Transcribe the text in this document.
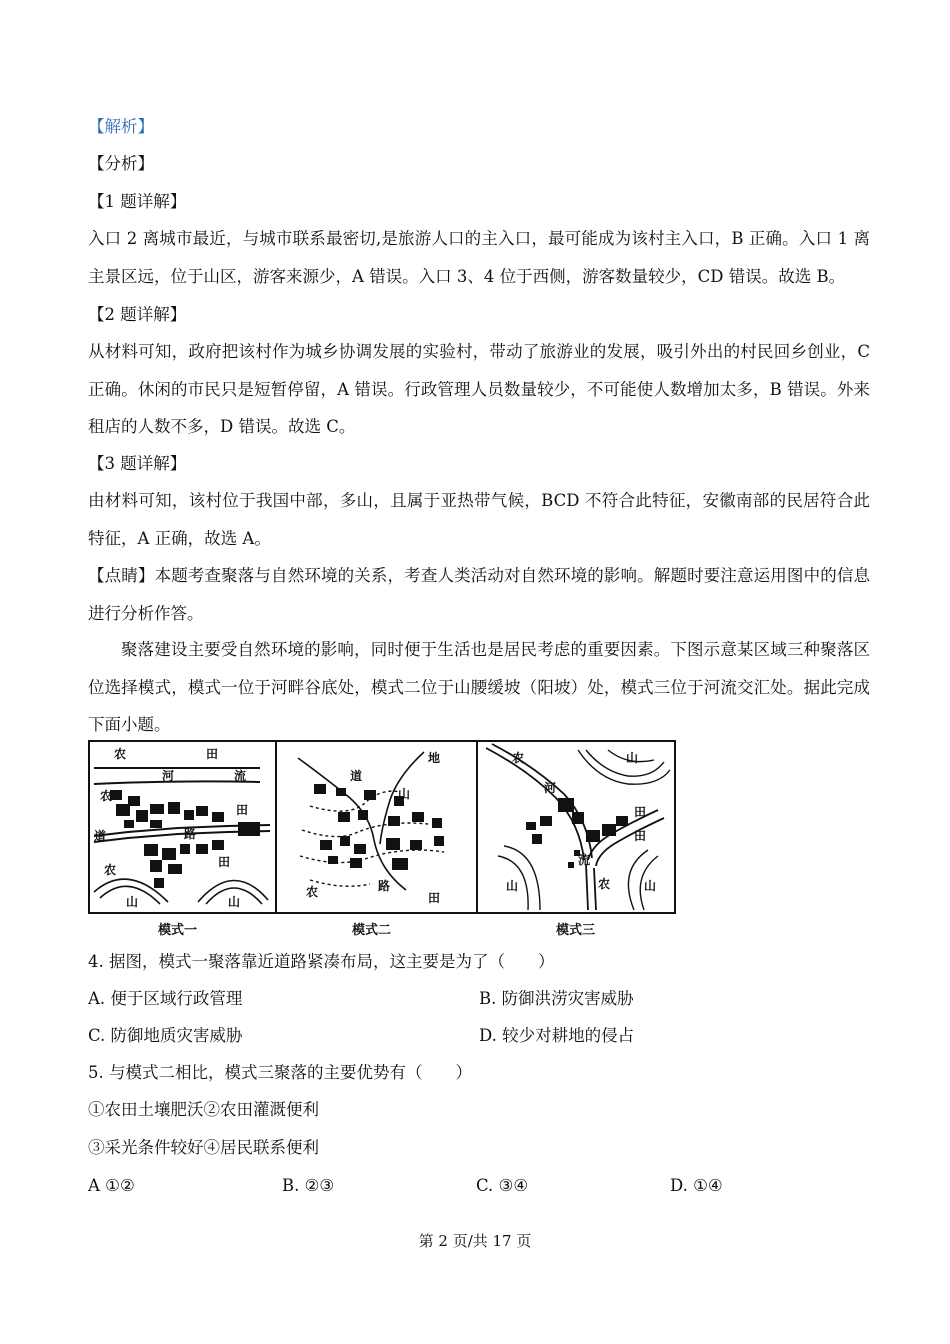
【解析】
【分析】
【1 题详解】
入口 2 离城市最近，与城市联系最密切,是旅游人口的主入口，最可能成为该村主入口，B 正确。入口 1 离主景区远，位于山区，游客来源少，A 错误。入口 3、4 位于西侧，游客数量较少，CD 错误。故选 B。
【2 题详解】
从材料可知，政府把该村作为城乡协调发展的实验村，带动了旅游业的发展，吸引外出的村民回乡创业，C 正确。休闲的市民只是短暂停留，A 错误。行政管理人员数量较少，不可能使人数增加太多，B 错误。外来租店的人数不多，D 错误。故选 C。
【3 题详解】
由材料可知，该村位于我国中部，多山，且属于亚热带气候，BCD 不符合此特征，安徽南部的民居符合此特征，A 正确，故选 A。
【点睛】本题考查聚落与自然环境的关系，考查人类活动对自然环境的影响。解题时要注意运用图中的信息进行分析作答。
聚落建设主要受自然环境的影响，同时便于生活也是居民考虑的重要因素。下图示意某区域三种聚落区位选择模式，模式一位于河畔谷底处，模式二位于山腰缓坡（阳坡）处，模式三位于河流交汇处。据此完成下面小题。
农	田
河	流
农
道
田
路
农
田
山	山
地
道
山
农	路
田
农	山
河
田
田
流
农
山	山
模式一	模式二	模式三
4. 据图，模式一聚落靠近道路紧凑布局，这主要是为了（　　）
A. 便于区域行政管理	B. 防御洪涝灾害威胁
C. 防御地质灾害威胁	D. 较少对耕地的侵占
5. 与模式二相比，模式三聚落的主要优势有（　　）
①农田土壤肥沃②农田灌溉便利
③采光条件较好④居民联系便利
A ①②	B. ②③	C. ③④	D. ①④
第 2 页/共 17 页
